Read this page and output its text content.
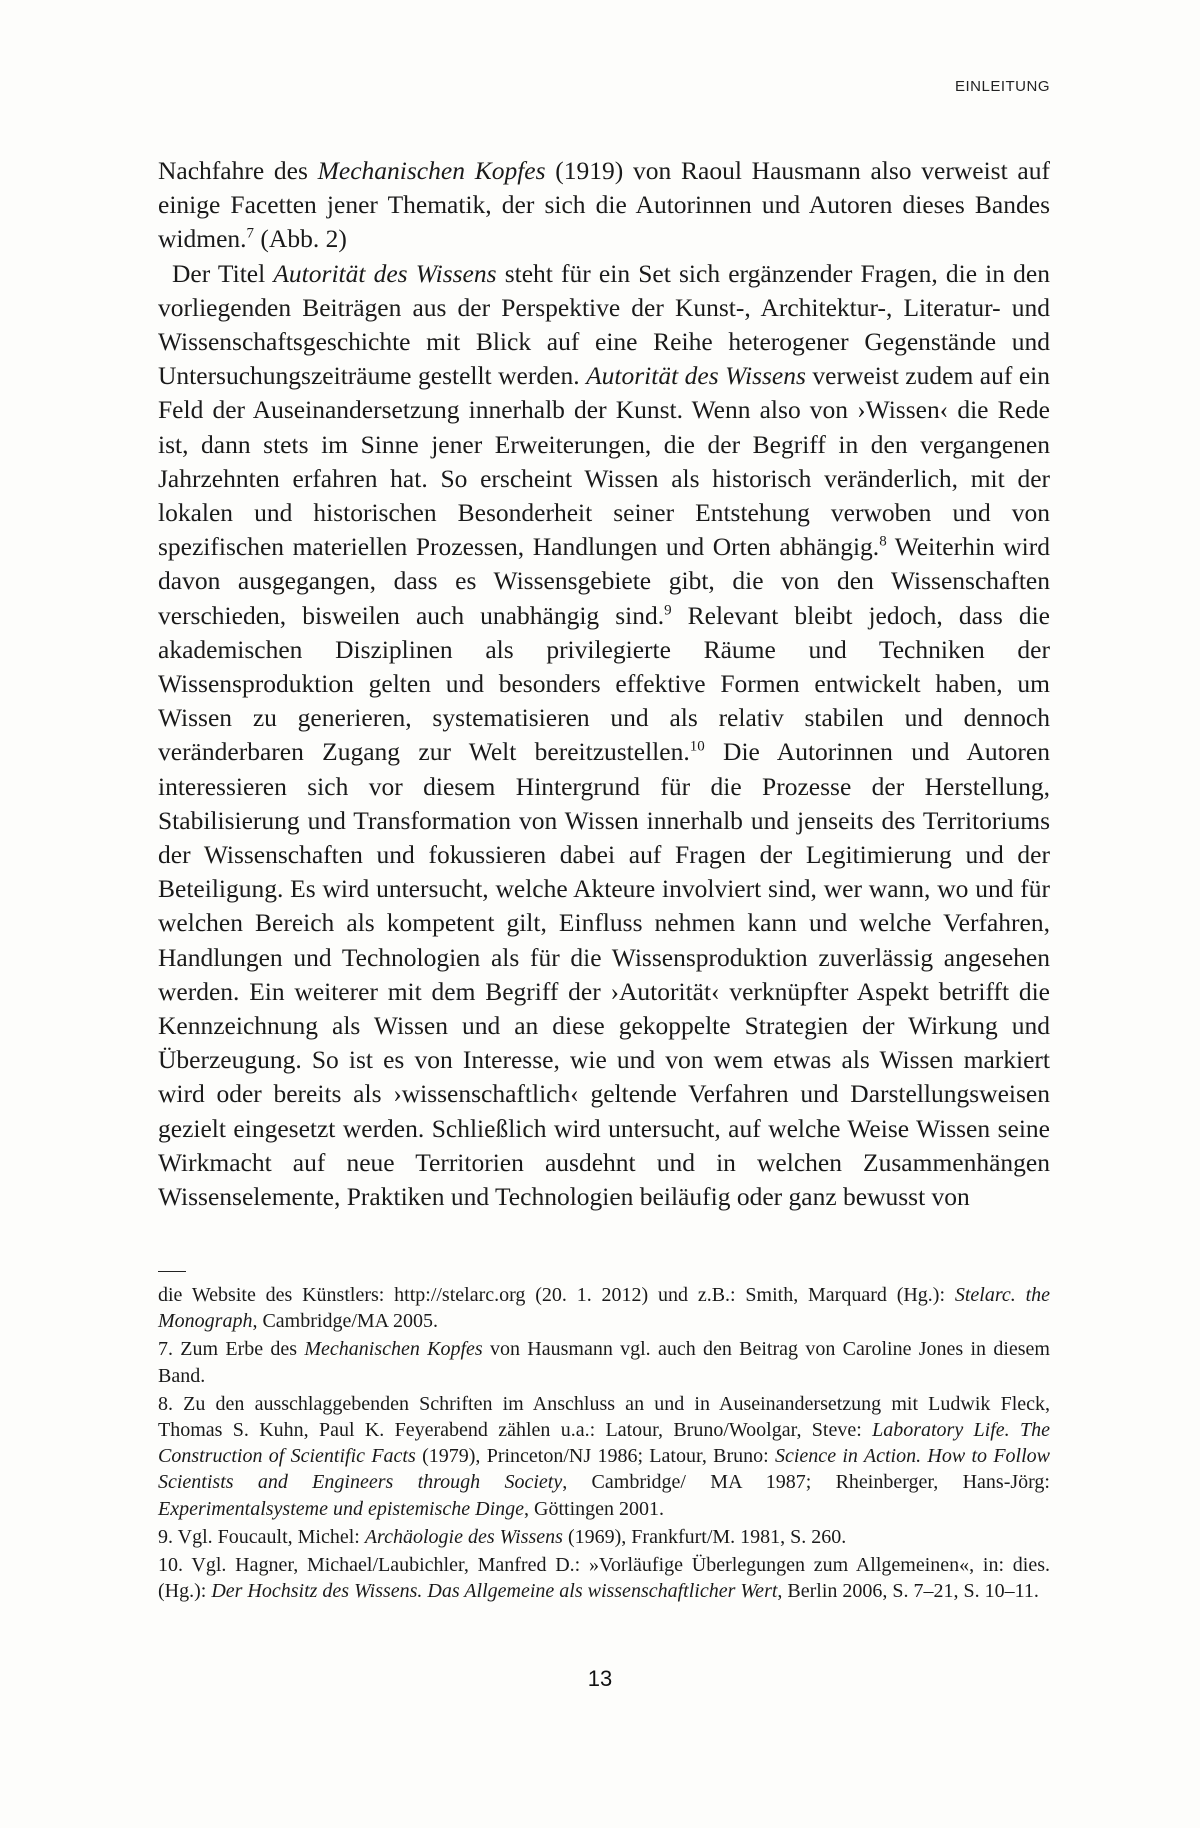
EINLEITUNG

Nachfahre des Mechanischen Kopfes (1919) von Raoul Hausmann also verweist auf einige Facetten jener Thematik, der sich die Autorinnen und Autoren dieses Bandes widmen.$^7$ (Abb. 2)

Der Titel Autorität des Wissens steht für ein Set sich ergänzender Fragen, die in den vorliegenden Beiträgen aus der Perspektive der Kunst-, Architektur-, Literatur- und Wissenschaftsgeschichte mit Blick auf eine Reihe heterogener Gegenstände und Untersuchungszeiträume gestellt werden. Autorität des Wissens verweist zudem auf ein Feld der Auseinandersetzung innerhalb der Kunst. Wenn also von ›Wissen‹ die Rede ist, dann stets im Sinne jener Erweiterungen, die der Begriff in den vergangenen Jahrzehnten erfahren hat. So erscheint Wissen als historisch veränderlich, mit der lokalen und historischen Besonderheit seiner Entstehung verwoben und von spezifischen materiellen Prozessen, Handlungen und Orten abhängig.$^8$ Weiterhin wird davon ausgegangen, dass es Wissensgebiete gibt, die von den Wissenschaften verschieden, bisweilen auch unabhängig sind.$^9$ Relevant bleibt jedoch, dass die akademischen Disziplinen als privilegierte Räume und Techniken der Wissensproduktion gelten und besonders effektive Formen entwickelt haben, um Wissen zu generieren, systematisieren und als relativ stabilen und dennoch veränderbaren Zugang zur Welt bereitzustellen.$^{10}$ Die Autorinnen und Autoren interessieren sich vor diesem Hintergrund für die Prozesse der Herstellung, Stabilisierung und Transformation von Wissen innerhalb und jenseits des Territoriums der Wissenschaften und fokussieren dabei auf Fragen der Legitimierung und der Beteiligung. Es wird untersucht, welche Akteure involviert sind, wer wann, wo und für welchen Bereich als kompetent gilt, Einfluss nehmen kann und welche Verfahren, Handlungen und Technologien als für die Wissensproduktion zuverlässig angesehen werden. Ein weiterer mit dem Begriff der ›Autorität‹ verknüpfter Aspekt betrifft die Kennzeichnung als Wissen und an diese gekoppelte Strategien der Wirkung und Überzeugung. So ist es von Interesse, wie und von wem etwas als Wissen markiert wird oder bereits als ›wissenschaftlich‹ geltende Verfahren und Darstellungsweisen gezielt eingesetzt werden. Schließlich wird untersucht, auf welche Weise Wissen seine Wirkmacht auf neue Territorien ausdehnt und in welchen Zusammenhängen Wissenselemente, Praktiken und Technologien beiläufig oder ganz bewusst von

die Website des Künstlers: http://stelarc.org (20. 1. 2012) und z.B.: Smith, Marquard (Hg.): Stelarc. the Monograph, Cambridge/MA 2005.

7. Zum Erbe des Mechanischen Kopfes von Hausmann vgl. auch den Beitrag von Caroline Jones in diesem Band.

8. Zu den ausschlaggebenden Schriften im Anschluss an und in Auseinandersetzung mit Ludwik Fleck, Thomas S. Kuhn, Paul K. Feyerabend zählen u.a.: Latour, Bruno/Woolgar, Steve: Laboratory Life. The Construction of Scientific Facts (1979), Princeton/NJ 1986; Latour, Bruno: Science in Action. How to Follow Scientists and Engineers through Society, Cambridge/ MA 1987; Rheinberger, Hans-Jörg: Experimentalsysteme und epistemische Dinge, Göttingen 2001.

9. Vgl. Foucault, Michel: Archäologie des Wissens (1969), Frankfurt/M. 1981, S. 260.

10. Vgl. Hagner, Michael/Laubichler, Manfred D.: »Vorläufige Überlegungen zum Allgemeinen«, in: dies. (Hg.): Der Hochsitz des Wissens. Das Allgemeine als wissenschaftlicher Wert, Berlin 2006, S. 7–21, S. 10–11.

13
